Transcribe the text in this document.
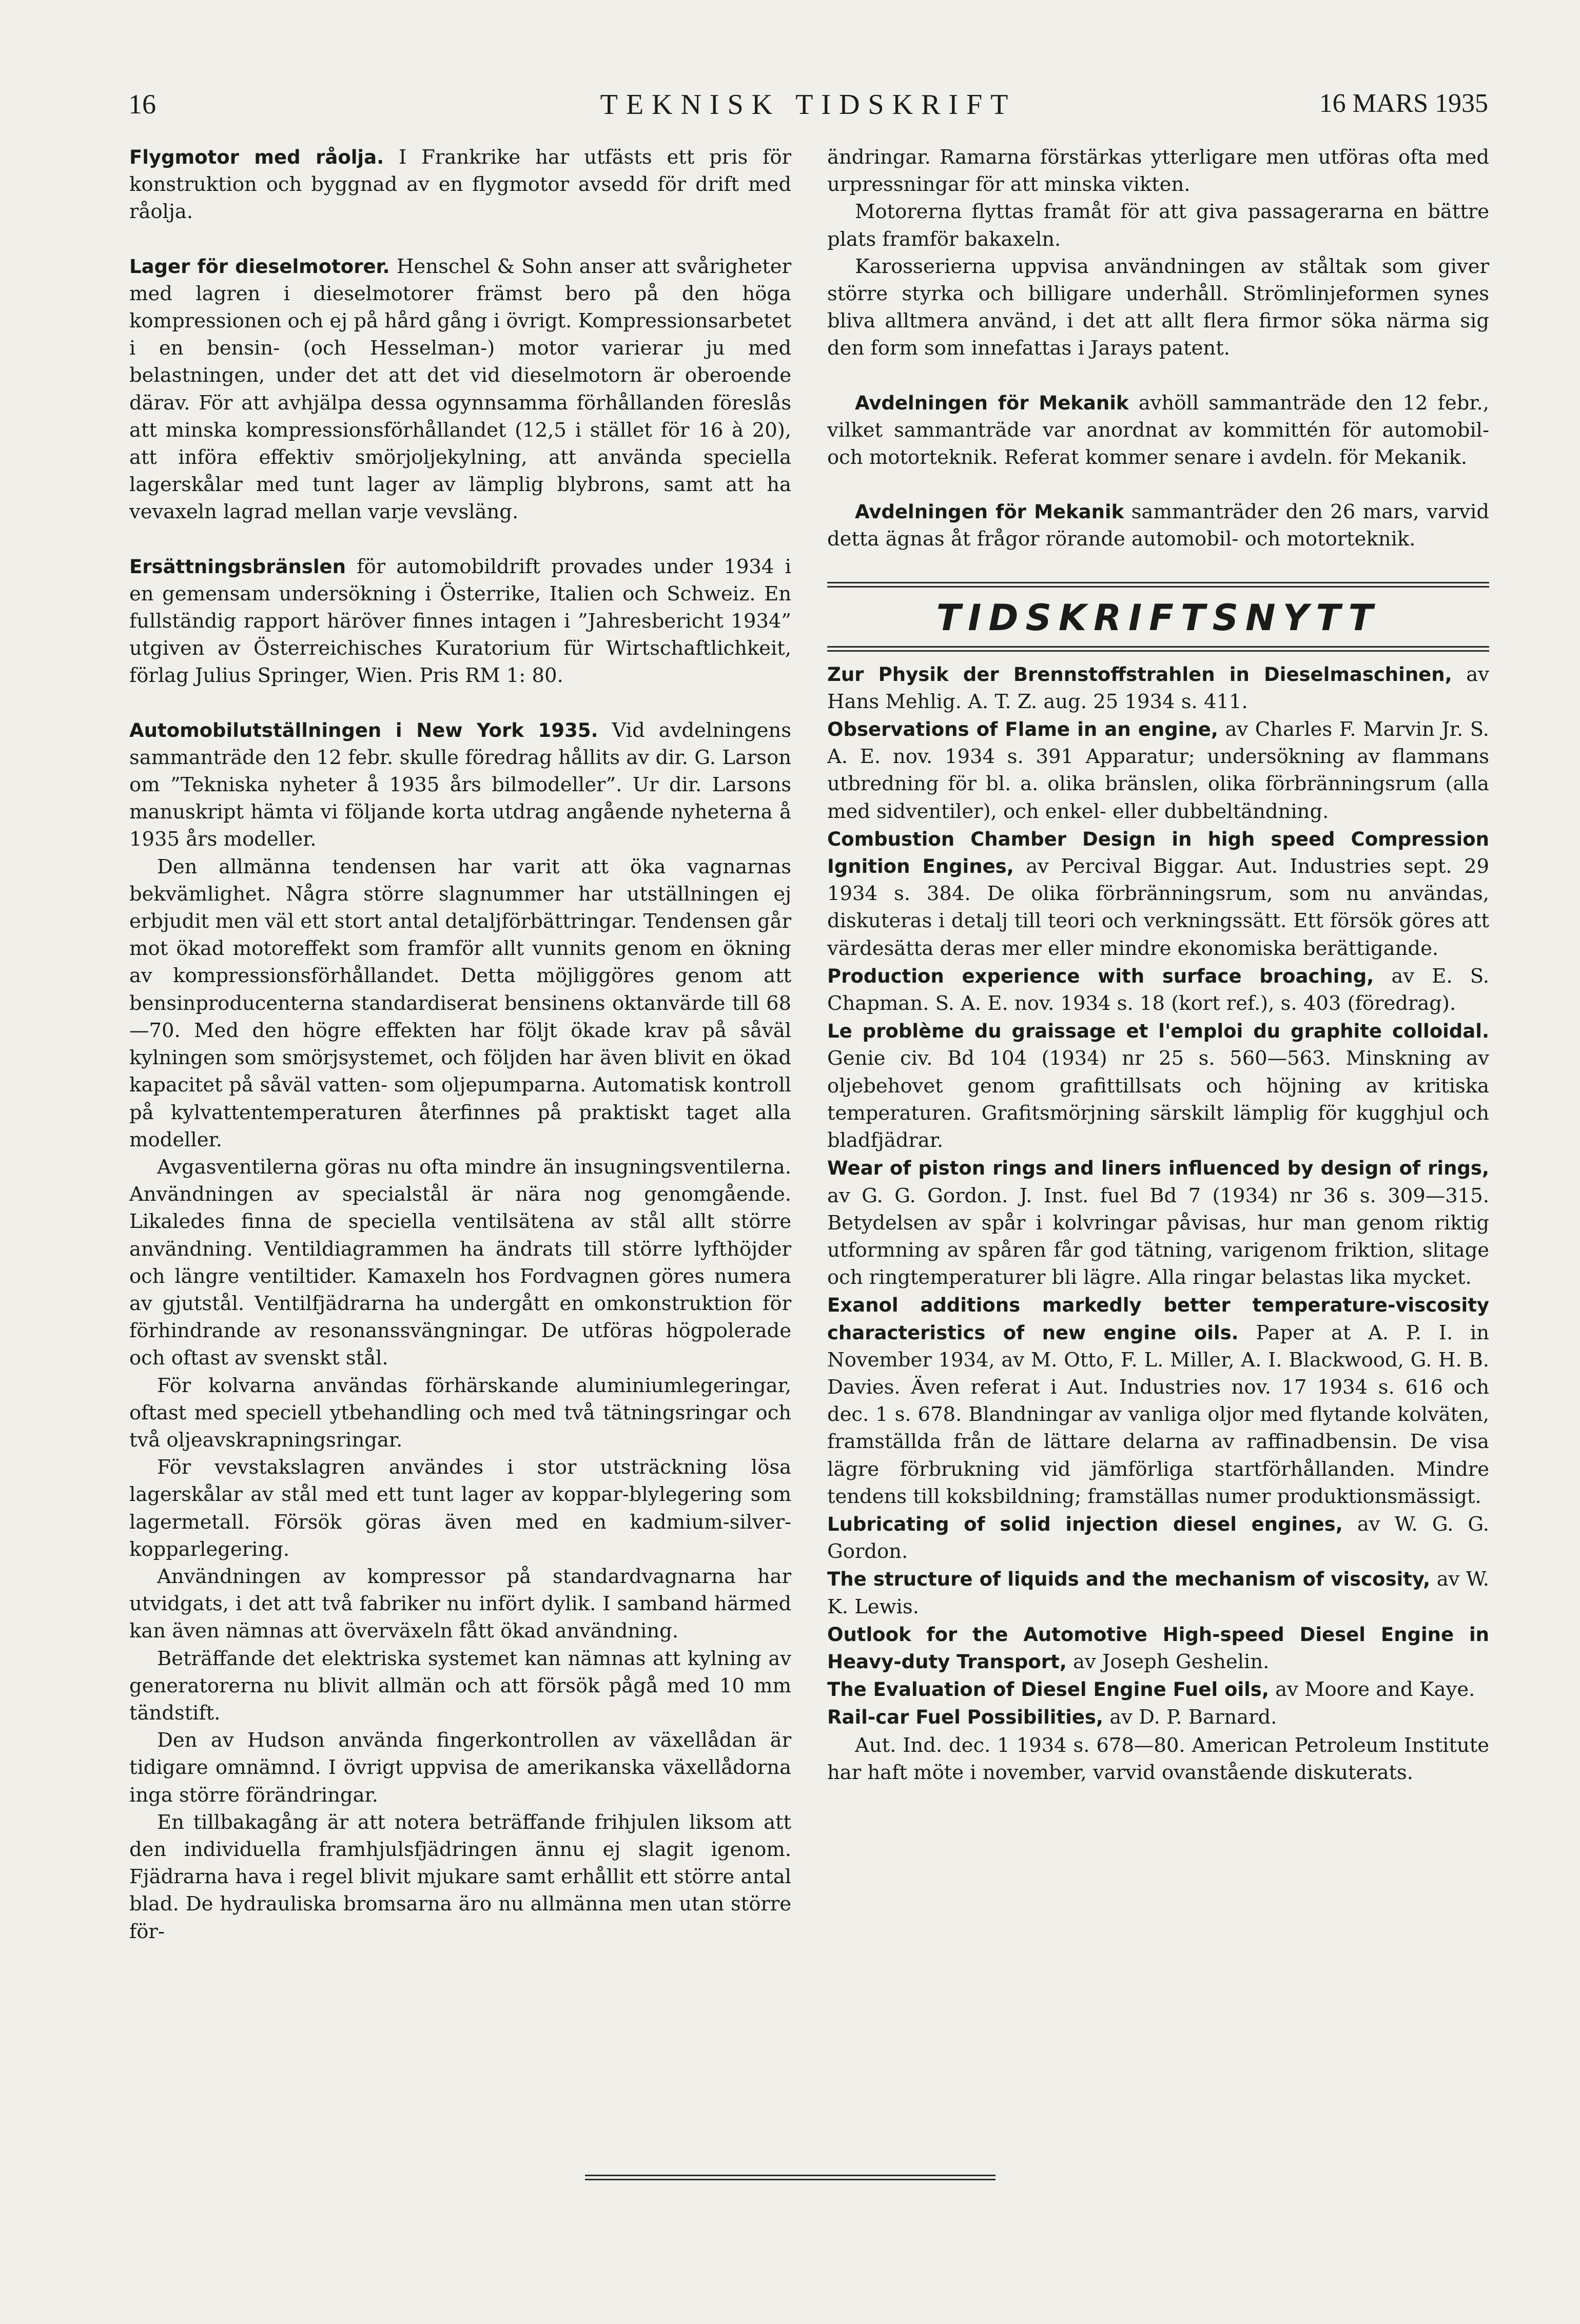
16	TEKNISK TIDSKRIFT	16 MARS 1935

Flygmotor med råolja. I Frankrike har utfästs ett pris för konstruktion och byggnad av en flygmotor avsedd för drift med råolja.

Lager för dieselmotorer. Henschel & Sohn anser att svårigheter med lagren i dieselmotorer främst bero på den höga kompressionen och ej på hård gång i övrigt. Kompressionsarbetet i en bensin- (och Hesselman-) motor varierar ju med belastningen, under det att det vid dieselmotorn är oberoende därav. För att avhjälpa dessa ogynnsamma förhållanden föreslås att minska kompressionsförhållandet (12,5 i stället för 16 à 20), att införa effektiv smörjoljekylning, att använda speciella lagerskålar med tunt lager av lämplig blybrons, samt att ha vevaxeln lagrad mellan varje vevsläng.

Ersättningsbränslen för automobildrift provades under 1934 i en gemensam undersökning i Österrike, Italien och Schweiz. En fullständig rapport häröver finnes intagen i ”Jahresbericht 1934” utgiven av Österreichisches Kuratorium für Wirtschaftlichkeit, förlag Julius Springer, Wien. Pris RM 1: 80.

Automobilutställningen i New York 1935. Vid avdelningens sammanträde den 12 febr. skulle föredrag hållits av dir. G. Larson om ”Tekniska nyheter å 1935 års bilmodeller”. Ur dir. Larsons manuskript hämta vi följande korta utdrag angående nyheterna å 1935 års modeller.

Den allmänna tendensen har varit att öka vagnarnas bekvämlighet. Några större slagnummer har utställningen ej erbjudit men väl ett stort antal detaljförbättringar. Tendensen går mot ökad motoreffekt som framför allt vunnits genom en ökning av kompressionsförhållandet. Detta möjliggöres genom att bensinproducenterna standardiserat bensinens oktanvärde till 68—70. Med den högre effekten har följt ökade krav på såväl kylningen som smörjsystemet, och följden har även blivit en ökad kapacitet på såväl vatten- som oljepumparna. Automatisk kontroll på kylvattentemperaturen återfinnes på praktiskt taget alla modeller.

Avgasventilerna göras nu ofta mindre än insugningsventilerna. Användningen av specialstål är nära nog genomgående. Likaledes finna de speciella ventilsätena av stål allt större användning. Ventildiagrammen ha ändrats till större lyfthöjder och längre ventiltider. Kamaxeln hos Fordvagnen göres numera av gjutstål. Ventilfjädrarna ha undergått en omkonstruktion för förhindrande av resonanssvängningar. De utföras högpolerade och oftast av svenskt stål.

För kolvarna användas förhärskande aluminiumlegeringar, oftast med speciell ytbehandling och med två tätningsringar och två oljeavskrapningsringar.

För vevstakslagren användes i stor utsträckning lösa lagerskålar av stål med ett tunt lager av koppar-blylegering som lagermetall. Försök göras även med en kadmium-silver-kopparlegering.

Användningen av kompressor på standardvagnarna har utvidgats, i det att två fabriker nu infört dylik. I samband härmed kan även nämnas att överväxeln fått ökad användning.

Beträffande det elektriska systemet kan nämnas att kylning av generatorerna nu blivit allmän och att försök pågå med 10 mm tändstift.

Den av Hudson använda fingerkontrollen av växellådan är tidigare omnämnd. I övrigt uppvisa de amerikanska växellådorna inga större förändringar.

En tillbakagång är att notera beträffande frihjulen liksom att den individuella framhjulsfjädringen ännu ej slagit igenom. Fjädrarna hava i regel blivit mjukare samt erhållit ett större antal blad. De hydrauliska bromsarna äro nu allmänna men utan större för-

ändringar. Ramarna förstärkas ytterligare men utföras ofta med urpressningar för att minska vikten.

Motorerna flyttas framåt för att giva passagerarna en bättre plats framför bakaxeln.

Karosserierna uppvisa användningen av ståltak som giver större styrka och billigare underhåll. Strömlinjeformen synes bliva alltmera använd, i det att allt flera firmor söka närma sig den form som innefattas i Jarays patent.

Avdelningen för Mekanik avhöll sammanträde den 12 febr., vilket sammanträde var anordnat av kommittén för automobil- och motorteknik. Referat kommer senare i avdeln. för Mekanik.

Avdelningen för Mekanik sammanträder den 26 mars, varvid detta ägnas åt frågor rörande automobil- och motorteknik.

TIDSKRIFTSNYTT

Zur Physik der Brennstoffstrahlen in Dieselmaschinen, av Hans Mehlig. A. T. Z. aug. 25 1934 s. 411.

Observations of Flame in an engine, av Charles F. Marvin Jr. S. A. E. nov. 1934 s. 391 Apparatur; undersökning av flammans utbredning för bl. a. olika bränslen, olika förbränningsrum (alla med sidventiler), och enkel- eller dubbeltändning.

Combustion Chamber Design in high speed Compression Ignition Engines, av Percival Biggar. Aut. Industries sept. 29 1934 s. 384. De olika förbränningsrum, som nu användas, diskuteras i detalj till teori och verkningssätt. Ett försök göres att värdesätta deras mer eller mindre ekonomiska berättigande.

Production experience with surface broaching, av E. S. Chapman. S. A. E. nov. 1934 s. 18 (kort ref.), s. 403 (föredrag).

Le problème du graissage et l'emploi du graphite colloidal. Genie civ. Bd 104 (1934) nr 25 s. 560—563. Minskning av oljebehovet genom grafittillsats och höjning av kritiska temperaturen. Grafitsmörjning särskilt lämplig för kugghjul och bladfjädrar.

Wear of piston rings and liners influenced by design of rings, av G. G. Gordon. J. Inst. fuel Bd 7 (1934) nr 36 s. 309—315. Betydelsen av spår i kolvringar påvisas, hur man genom riktig utformning av spåren får god tätning, varigenom friktion, slitage och ringtemperaturer bli lägre. Alla ringar belastas lika mycket.

Exanol additions markedly better temperature-viscosity characteristics of new engine oils. Paper at A. P. I. in November 1934, av M. Otto, F. L. Miller, A. I. Blackwood, G. H. B. Davies. Även referat i Aut. Industries nov. 17 1934 s. 616 och dec. 1 s. 678. Blandningar av vanliga oljor med flytande kolväten, framställda från de lättare delarna av raffinadbensin. De visa lägre förbrukning vid jämförliga startförhållanden. Mindre tendens till koksbildning; framställas numer produktionsmässigt.

Lubricating of solid injection diesel engines, av W. G. G. Gordon.

The structure of liquids and the mechanism of viscosity, av W. K. Lewis.

Outlook for the Automotive High-speed Diesel Engine in Heavy-duty Transport, av Joseph Geshelin.

The Evaluation of Diesel Engine Fuel oils, av Moore and Kaye.

Rail-car Fuel Possibilities, av D. P. Barnard.

Aut. Ind. dec. 1 1934 s. 678—80. American Petroleum Institute har haft möte i november, varvid ovanstående diskuterats.
